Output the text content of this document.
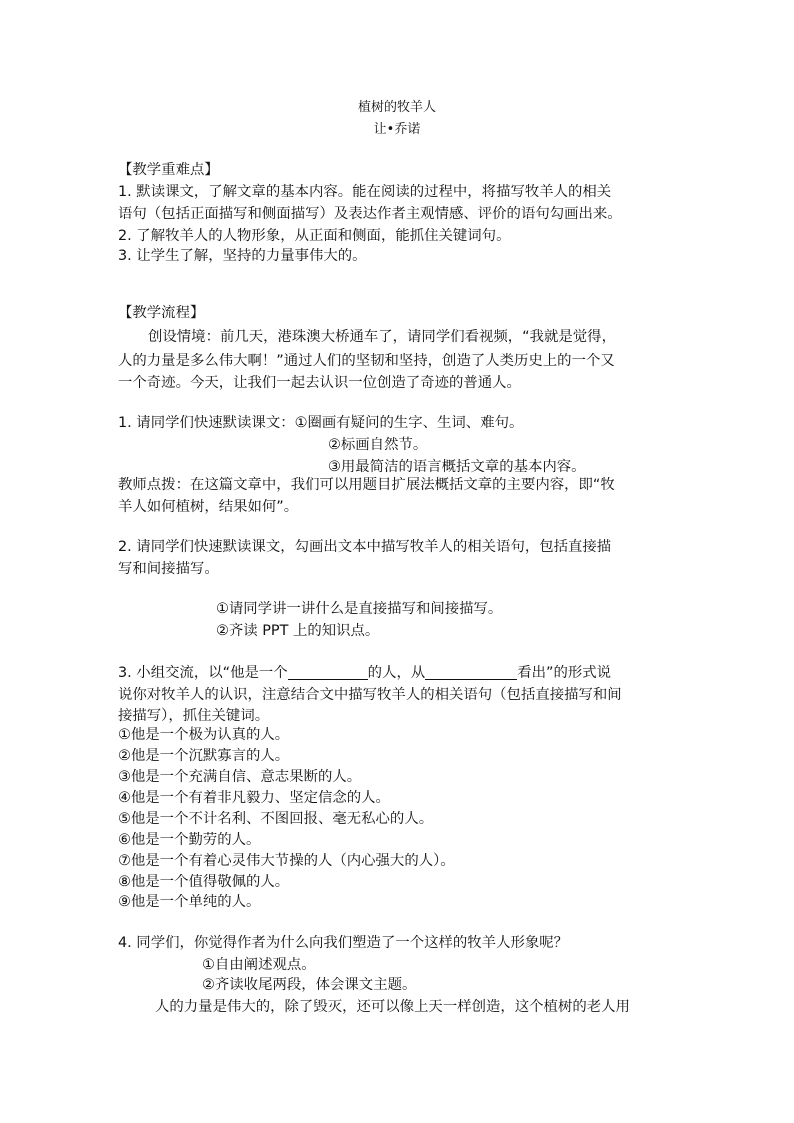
植树的牧羊人
让•乔诺
【教学重难点】
1. 默读课文，了解文章的基本内容。能在阅读的过程中，将描写牧羊人的相关
语句（包括正面描写和侧面描写）及表达作者主观情感、评价的语句勾画出来。
2. 了解牧羊人的人物形象，从正面和侧面，能抓住关键词句。
3. 让学生了解，坚持的力量事伟大的。
【教学流程】
创设情境：前几天，港珠澳大桥通车了，请同学们看视频，“我就是觉得，
人的力量是多么伟大啊！”通过人们的坚韧和坚持，创造了人类历史上的一个又
一个奇迹。今天，让我们一起去认识一位创造了奇迹的普通人。
1. 请同学们快速默读课文：①圈画有疑问的生字、生词、难句。
②标画自然节。
③用最简洁的语言概括文章的基本内容。
教师点拨：在这篇文章中，我们可以用题目扩展法概括文章的主要内容，即“牧
羊人如何植树，结果如何”。
2. 请同学们快速默读课文，勾画出文本中描写牧羊人的相关语句，包括直接描
写和间接描写。
①请同学讲一讲什么是直接描写和间接描写。
②齐读 PPT 上的知识点。
3. 小组交流，以“他是一个	的人，从	看出”的形式说
说你对牧羊人的认识，注意结合文中描写牧羊人的相关语句（包括直接描写和间
接描写），抓住关键词。
①他是一个极为认真的人。
②他是一个沉默寡言的人。
③他是一个充满自信、意志果断的人。
④他是一个有着非凡毅力、坚定信念的人。
⑤他是一个不计名利、不图回报、毫无私心的人。
⑥他是一个勤劳的人。
⑦他是一个有着心灵伟大节操的人（内心强大的人）。
⑧他是一个值得敬佩的人。
⑨他是一个单纯的人。
4. 同学们，你觉得作者为什么向我们塑造了一个这样的牧羊人形象呢？
①自由阐述观点。
②齐读收尾两段，体会课文主题。
人的力量是伟大的，除了毁灭，还可以像上天一样创造，这个植树的老人用
